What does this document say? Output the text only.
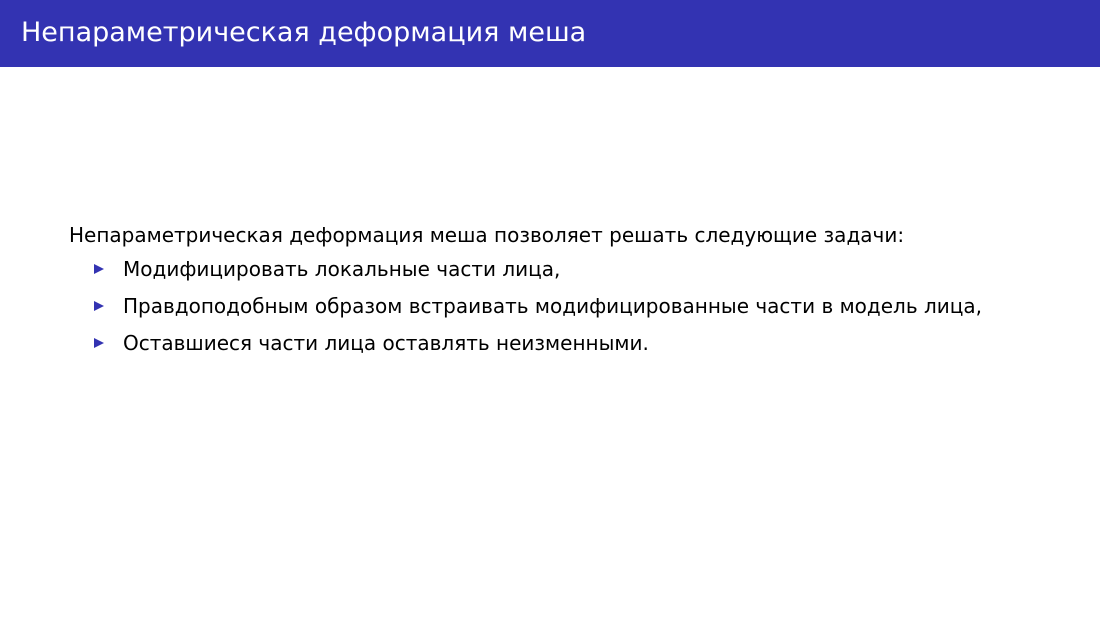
Непараметрическая деформация меша
Непараметрическая деформация меша позволяет решать следующие задачи:
Модифицировать локальные части лица,
Правдоподобным образом встраивать модифицированные части в модель лица,
Оставшиеся части лица оставлять неизменными.
